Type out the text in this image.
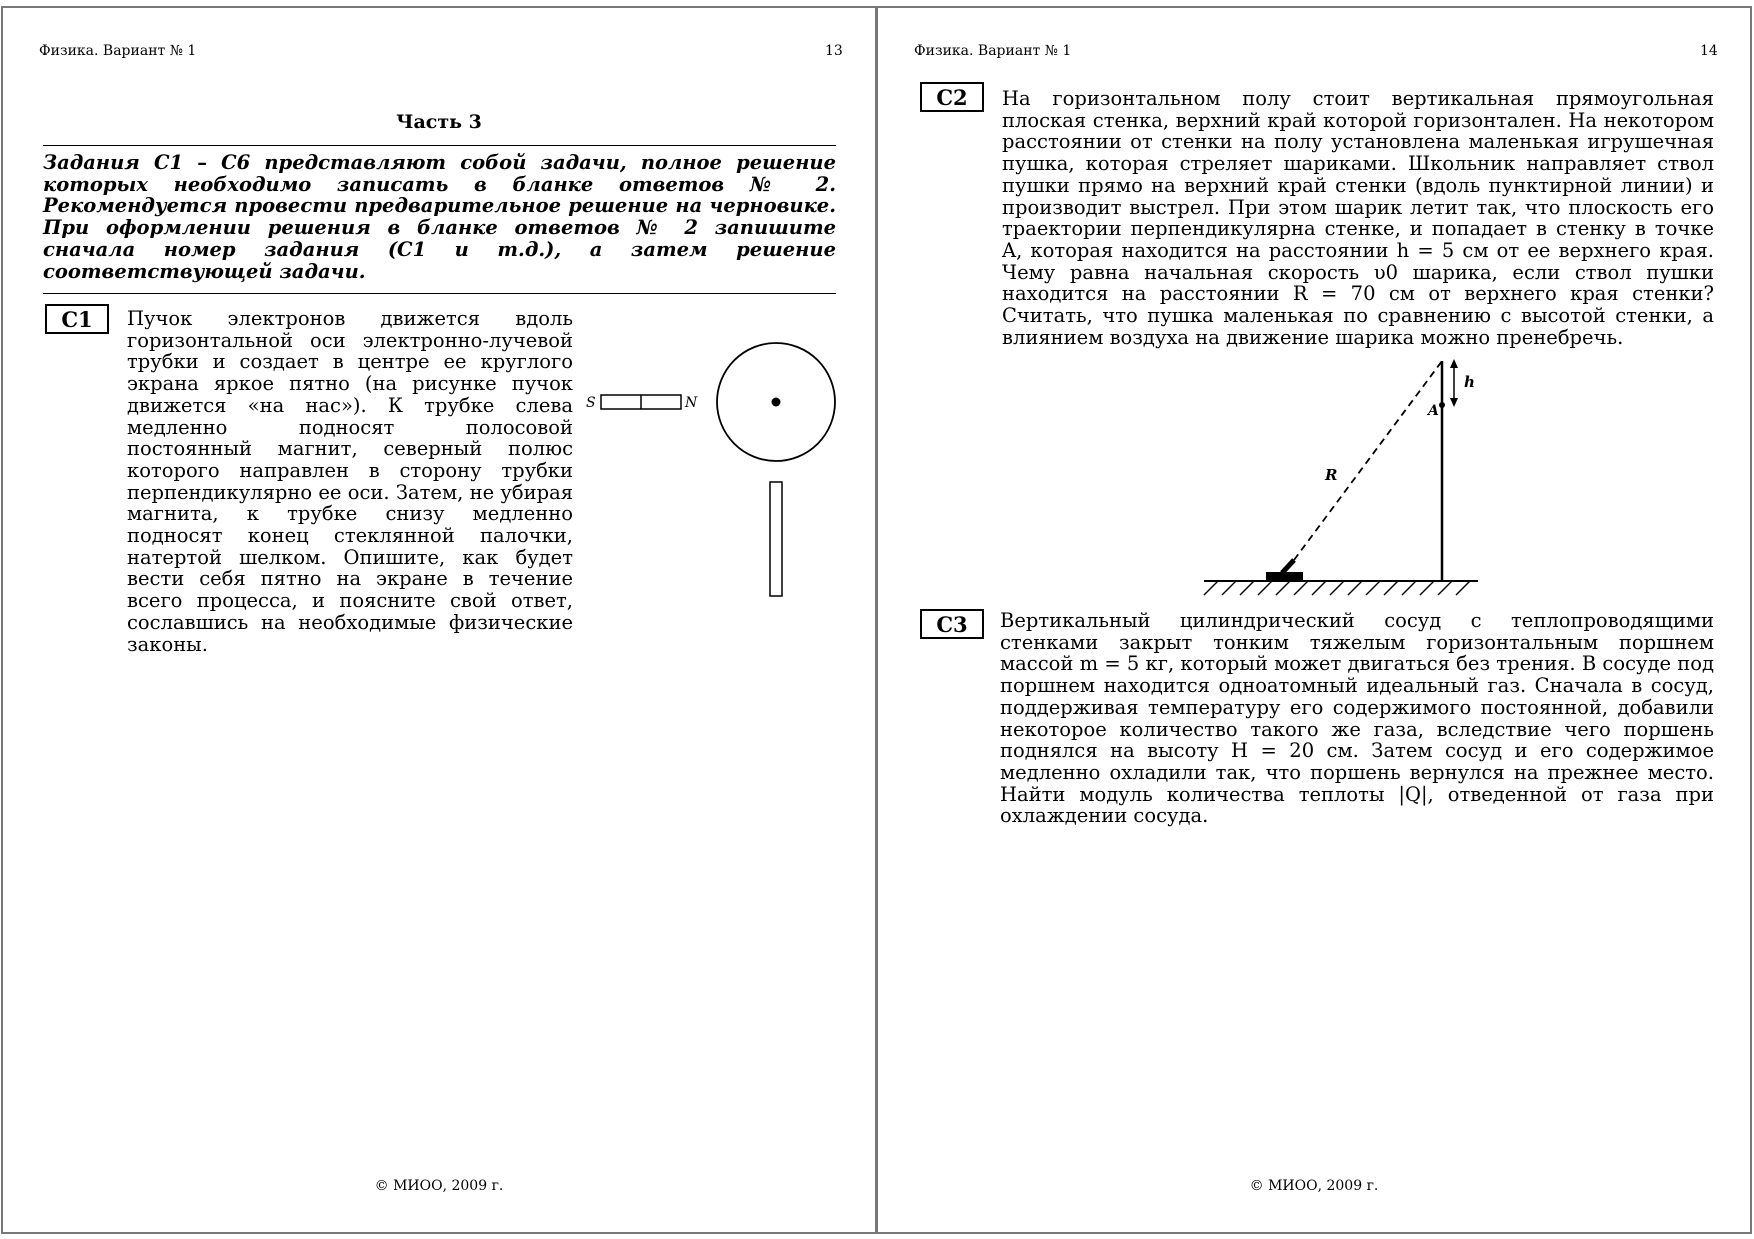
Физика. Вариант № 1	13
Часть 3
Задания С1 – С6 представляют собой задачи, полное решение которых необходимо записать в бланке ответов № 2. Рекомендуется провести предварительное решение на черновике. При оформлении решения в бланке ответов № 2 запишите сначала номер задания (С1 и т.д.), а затем решение соответствующей задачи.
С1	Пучок электронов движется вдоль горизонтальной оси электронно-лучевой трубки и создает в центре ее круглого экрана яркое пятно (на рисунке пучок движется «на нас»). К трубке слева медленно подносят полосовой постоянный магнит, северный полюс которого направлен в сторону трубки перпендикулярно ее оси. Затем, не убирая магнита, к трубке снизу медленно подносят конец стеклянной палочки, натертой шелком. Опишите, как будет вести себя пятно на экране в течение всего процесса, и поясните свой ответ, сославшись на необходимые физические законы.
S	N
© МИОО, 2009 г.
Физика. Вариант № 1	14
С2	На горизонтальном полу стоит вертикальная прямоугольная плоская стенка, верхний край которой горизонтален. На некотором расстоянии от стенки на полу установлена маленькая игрушечная пушка, которая стреляет шариками. Школьник направляет ствол пушки прямо на верхний край стенки (вдоль пунктирной линии) и производит выстрел. При этом шарик летит так, что плоскость его траектории перпендикулярна стенке, и попадает в стенку в точке A, которая находится на расстоянии h = 5 см от ее верхнего края. Чему равна начальная скорость υ0 шарика, если ствол пушки находится на расстоянии R = 70 см от верхнего края стенки? Считать, что пушка маленькая по сравнению с высотой стенки, а влиянием воздуха на движение шарика можно пренебречь.
A
h
R
С3	Вертикальный цилиндрический сосуд с теплопроводящими стенками закрыт тонким тяжелым горизонтальным поршнем массой m = 5 кг, который может двигаться без трения. В сосуде под поршнем находится одноатомный идеальный газ. Сначала в сосуд, поддерживая температуру его содержимого постоянной, добавили некоторое количество такого же газа, вследствие чего поршень поднялся на высоту H = 20 см. Затем сосуд и его содержимое медленно охладили так, что поршень вернулся на прежнее место. Найти модуль количества теплоты |Q|, отведенной от газа при охлаждении сосуда.
© МИОО, 2009 г.
